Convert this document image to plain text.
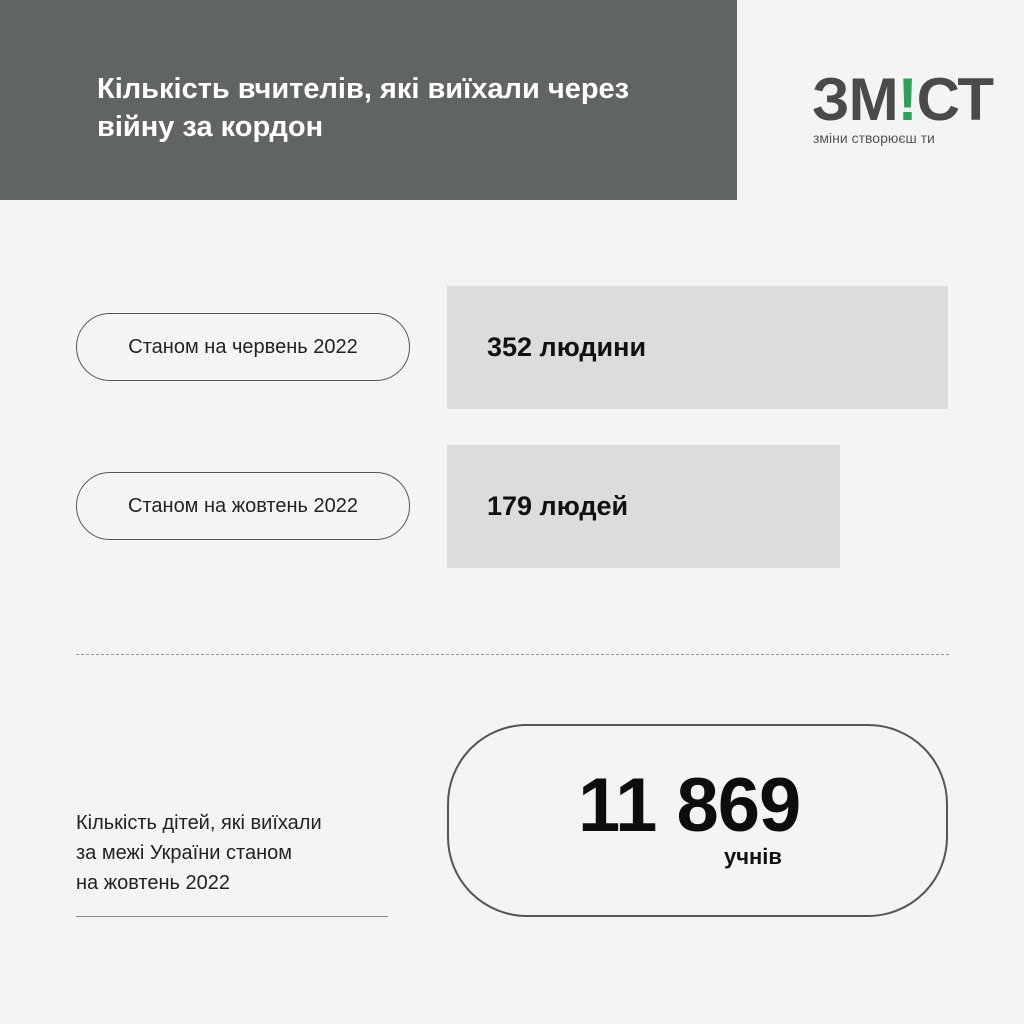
Кількість вчителів, які виїхали через війну за кордон	ЗМ!СТ
зміни створюєш ти
Станом на червень 2022	352 людини
Станом на жовтень 2022	179 людей

Кількість дітей, які виїхали
за межі України станом
на жовтень 2022

11 869
учнів
